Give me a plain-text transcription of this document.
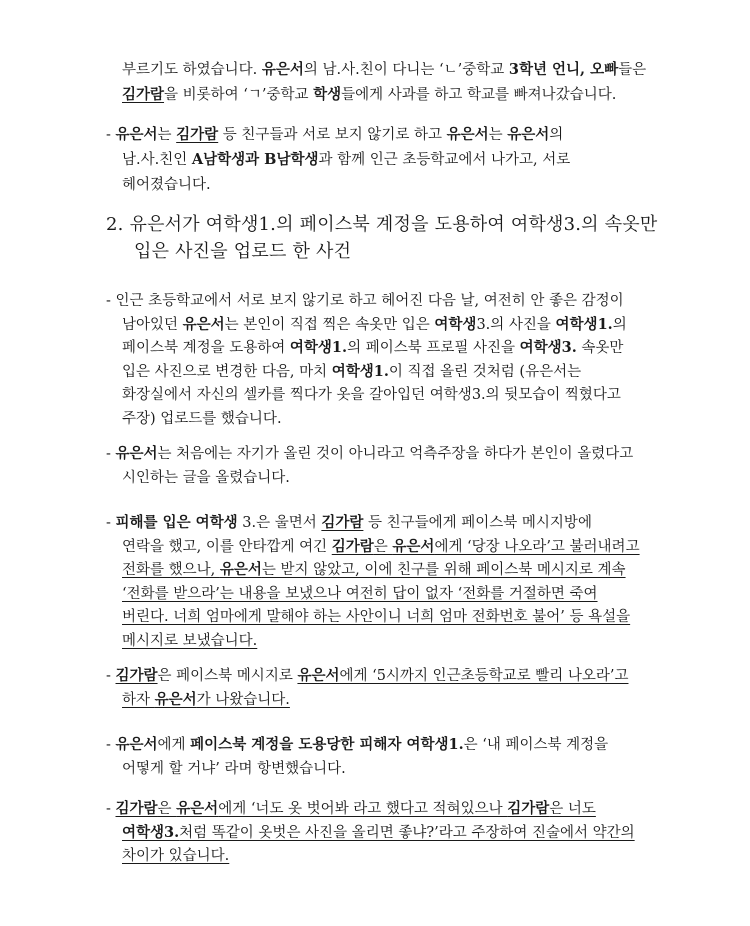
부르기도 하였습니다. 유은서의 남.사.친이 다니는 ‘ㄴ’중학교 3학년 언니, 오빠들은
김가람을 비롯하여 ‘ㄱ’중학교 학생들에게 사과를 하고 학교를 빠져나갔습니다.
- 유은서는 김가람 등 친구들과 서로 보지 않기로 하고 유은서는 유은서의
남.사.친인 A남학생과 B남학생과 함께 인근 초등학교에서 나가고, 서로
헤어졌습니다.
2. 유은서가 여학생1.의 페이스북 계정을 도용하여 여학생3.의 속옷만
입은 사진을 업로드 한 사건
- 인근 초등학교에서 서로 보지 않기로 하고 헤어진 다음 날, 여전히 안 좋은 감정이
남아있던 유은서는 본인이 직접 찍은 속옷만 입은 여학생3.의 사진을 여학생1.의
페이스북 계정을 도용하여 여학생1.의 페이스북 프로필 사진을 여학생3. 속옷만
입은 사진으로 변경한 다음, 마치 여학생1.이 직접 올린 것처럼 (유은서는
화장실에서 자신의 셀카를 찍다가 옷을 갈아입던 여학생3.의 뒷모습이 찍혔다고
주장) 업로드를 했습니다.
- 유은서는 처음에는 자기가 올린 것이 아니라고 억측주장을 하다가 본인이 올렸다고
시인하는 글을 올렸습니다.
- 피해를 입은 여학생 3.은 울면서 김가람 등 친구들에게 페이스북 메시지방에
연락을 했고, 이를 안타깝게 여긴 김가람은 유은서에게 ‘당장 나오라’고 불러내려고
전화를 했으나, 유은서는 받지 않았고, 이에 친구를 위해 페이스북 메시지로 계속
‘전화를 받으라’는 내용을 보냈으나 여전히 답이 없자 ‘전화를 거절하면 죽여
버린다. 너희 엄마에게 말해야 하는 사안이니 너희 엄마 전화번호 불어’ 등 욕설을
메시지로 보냈습니다.
- 김가람은 페이스북 메시지로 유은서에게 ‘5시까지 인근초등학교로 빨리 나오라’고
하자 유은서가 나왔습니다.
- 유은서에게 페이스북 계정을 도용당한 피해자 여학생1.은 ‘내 페이스북 계정을
어떻게 할 거냐’ 라며 항변했습니다.
- 김가람은 유은서에게 ‘너도 옷 벗어봐 라고 했다고 적혀있으나 김가람은 너도
여학생3.처럼 똑같이 옷벗은 사진을 올리면 좋냐?’라고 주장하여 진술에서 약간의
차이가 있습니다.
